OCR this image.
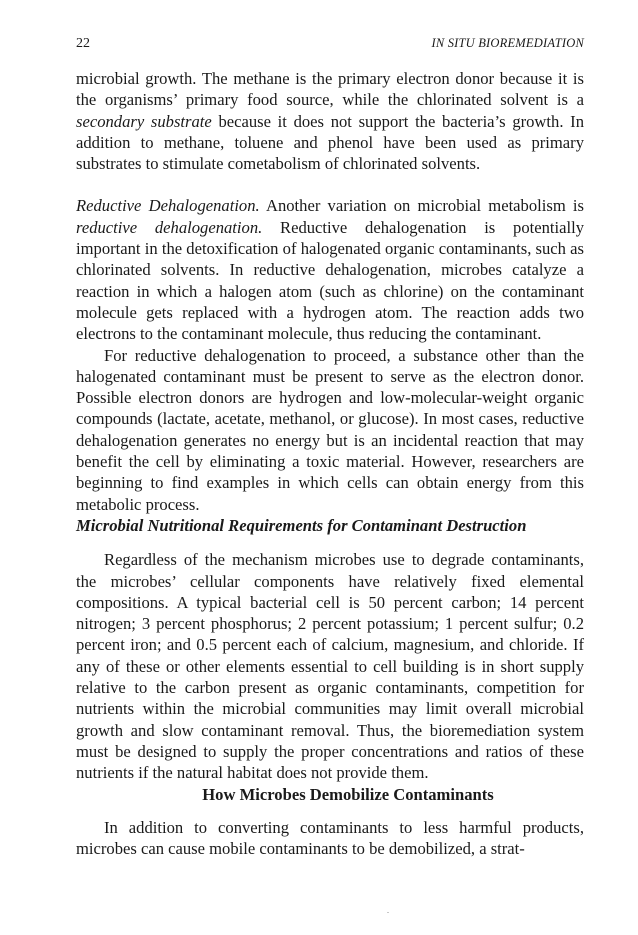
22	IN SITU BIOREMEDIATION

microbial growth. The methane is the primary electron donor because it is the organisms’ primary food source, while the chlorinated solvent is a secondary substrate because it does not support the bacteria’s growth. In addition to methane, toluene and phenol have been used as primary substrates to stimulate cometabolism of chlorinated solvents.

Reductive Dehalogenation. Another variation on microbial metabolism is reductive dehalogenation. Reductive dehalogenation is potentially important in the detoxification of halogenated organic contaminants, such as chlorinated solvents. In reductive dehalogenation, microbes catalyze a reaction in which a halogen atom (such as chlorine) on the contaminant molecule gets replaced with a hydrogen atom. The reaction adds two electrons to the contaminant molecule, thus reducing the contaminant.

For reductive dehalogenation to proceed, a substance other than the halogenated contaminant must be present to serve as the electron donor. Possible electron donors are hydrogen and low-molecular-weight organic compounds (lactate, acetate, methanol, or glucose). In most cases, reductive dehalogenation generates no energy but is an incidental reaction that may benefit the cell by eliminating a toxic material. However, researchers are beginning to find examples in which cells can obtain energy from this metabolic process.

Microbial Nutritional Requirements for Contaminant Destruction

Regardless of the mechanism microbes use to degrade contaminants, the microbes’ cellular components have relatively fixed elemental compositions. A typical bacterial cell is 50 percent carbon; 14 percent nitrogen; 3 percent phosphorus; 2 percent potassium; 1 percent sulfur; 0.2 percent iron; and 0.5 percent each of calcium, magnesium, and chloride. If any of these or other elements essential to cell building is in short supply relative to the carbon present as organic contaminants, competition for nutrients within the microbial communities may limit overall microbial growth and slow contaminant removal. Thus, the bioremediation system must be designed to supply the proper concentrations and ratios of these nutrients if the natural habitat does not provide them.

How Microbes Demobilize Contaminants

In addition to converting contaminants to less harmful products, microbes can cause mobile contaminants to be demobilized, a strat-
